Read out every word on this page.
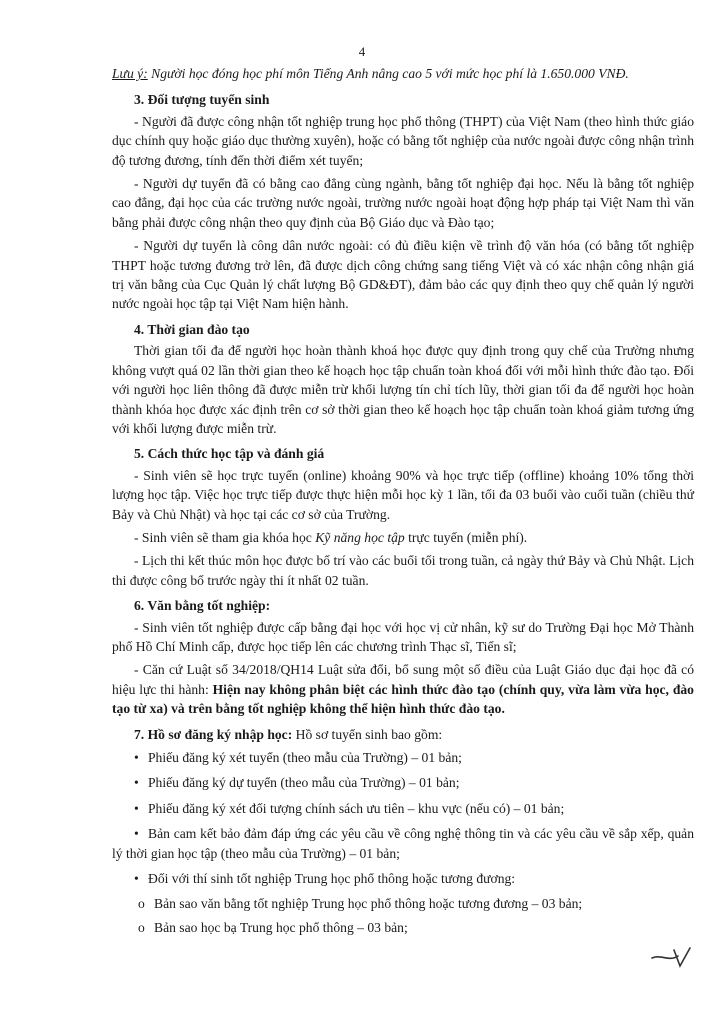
4

Lưu ý: Người học đóng học phí môn Tiếng Anh nâng cao 5 với mức học phí là 1.650.000 VNĐ.

3. Đối tượng tuyển sinh

- Người đã được công nhận tốt nghiệp trung học phổ thông (THPT) của Việt Nam (theo hình thức giáo dục chính quy hoặc giáo dục thường xuyên), hoặc có bằng tốt nghiệp của nước ngoài được công nhận trình độ tương đương, tính đến thời điểm xét tuyển;

- Người dự tuyển đã có bằng cao đẳng cùng ngành, bằng tốt nghiệp đại học. Nếu là bằng tốt nghiệp cao đẳng, đại học của các trường nước ngoài, trường nước ngoài hoạt động hợp pháp tại Việt Nam thì văn bằng phải được công nhận theo quy định của Bộ Giáo dục và Đào tạo;

- Người dự tuyển là công dân nước ngoài: có đủ điều kiện về trình độ văn hóa (có bằng tốt nghiệp THPT hoặc tương đương trở lên, đã được dịch công chứng sang tiếng Việt và có xác nhận công nhận giá trị văn bằng của Cục Quản lý chất lượng Bộ GD&ĐT), đảm bảo các quy định theo quy chế quản lý người nước ngoài học tập tại Việt Nam hiện hành.

4. Thời gian đào tạo

Thời gian tối đa để người học hoàn thành khoá học được quy định trong quy chế của Trường nhưng không vượt quá 02 lần thời gian theo kế hoạch học tập chuẩn toàn khoá đối với mỗi hình thức đào tạo. Đối với người học liên thông đã được miễn trừ khối lượng tín chỉ tích lũy, thời gian tối đa để người học hoàn thành khóa học được xác định trên cơ sở thời gian theo kế hoạch học tập chuẩn toàn khoá giảm tương ứng với khối lượng được miễn trừ.

5. Cách thức học tập và đánh giá

- Sinh viên sẽ học trực tuyến (online) khoảng 90% và học trực tiếp (offline) khoảng 10% tổng thời lượng học tập. Việc học trực tiếp được thực hiện mỗi học kỳ 1 lần, tối đa 03 buổi vào cuối tuần (chiều thứ Bảy và Chủ Nhật) và học tại các cơ sở của Trường.

- Sinh viên sẽ tham gia khóa học Kỹ năng học tập trực tuyến (miễn phí).

- Lịch thi kết thúc môn học được bố trí vào các buổi tối trong tuần, cả ngày thứ Bảy và Chủ Nhật. Lịch thi được công bố trước ngày thi ít nhất 02 tuần.

6. Văn bằng tốt nghiệp:

- Sinh viên tốt nghiệp được cấp bằng đại học với học vị cử nhân, kỹ sư do Trường Đại học Mở Thành phố Hồ Chí Minh cấp, được học tiếp lên các chương trình Thạc sĩ, Tiến sĩ;

- Căn cứ Luật số 34/2018/QH14 Luật sửa đổi, bổ sung một số điều của Luật Giáo dục đại học đã có hiệu lực thi hành: Hiện nay không phân biệt các hình thức đào tạo (chính quy, vừa làm vừa học, đào tạo từ xa) và trên bằng tốt nghiệp không thể hiện hình thức đào tạo.

7. Hồ sơ đăng ký nhập học: Hồ sơ tuyển sinh bao gồm:

• Phiếu đăng ký xét tuyển (theo mẫu của Trường) – 01 bản;
• Phiếu đăng ký dự tuyển (theo mẫu của Trường) – 01 bản;
• Phiếu đăng ký xét đối tượng chính sách ưu tiên – khu vực (nếu có) – 01 bản;
• Bản cam kết bảo đảm đáp ứng các yêu cầu về công nghệ thông tin và các yêu cầu về sắp xếp, quản lý thời gian học tập (theo mẫu của Trường) – 01 bản;
• Đối với thí sinh tốt nghiệp Trung học phổ thông hoặc tương đương:
o Bản sao văn bằng tốt nghiệp Trung học phổ thông hoặc tương đương – 03 bản;
o Bản sao học bạ Trung học phổ thông – 03 bản;
